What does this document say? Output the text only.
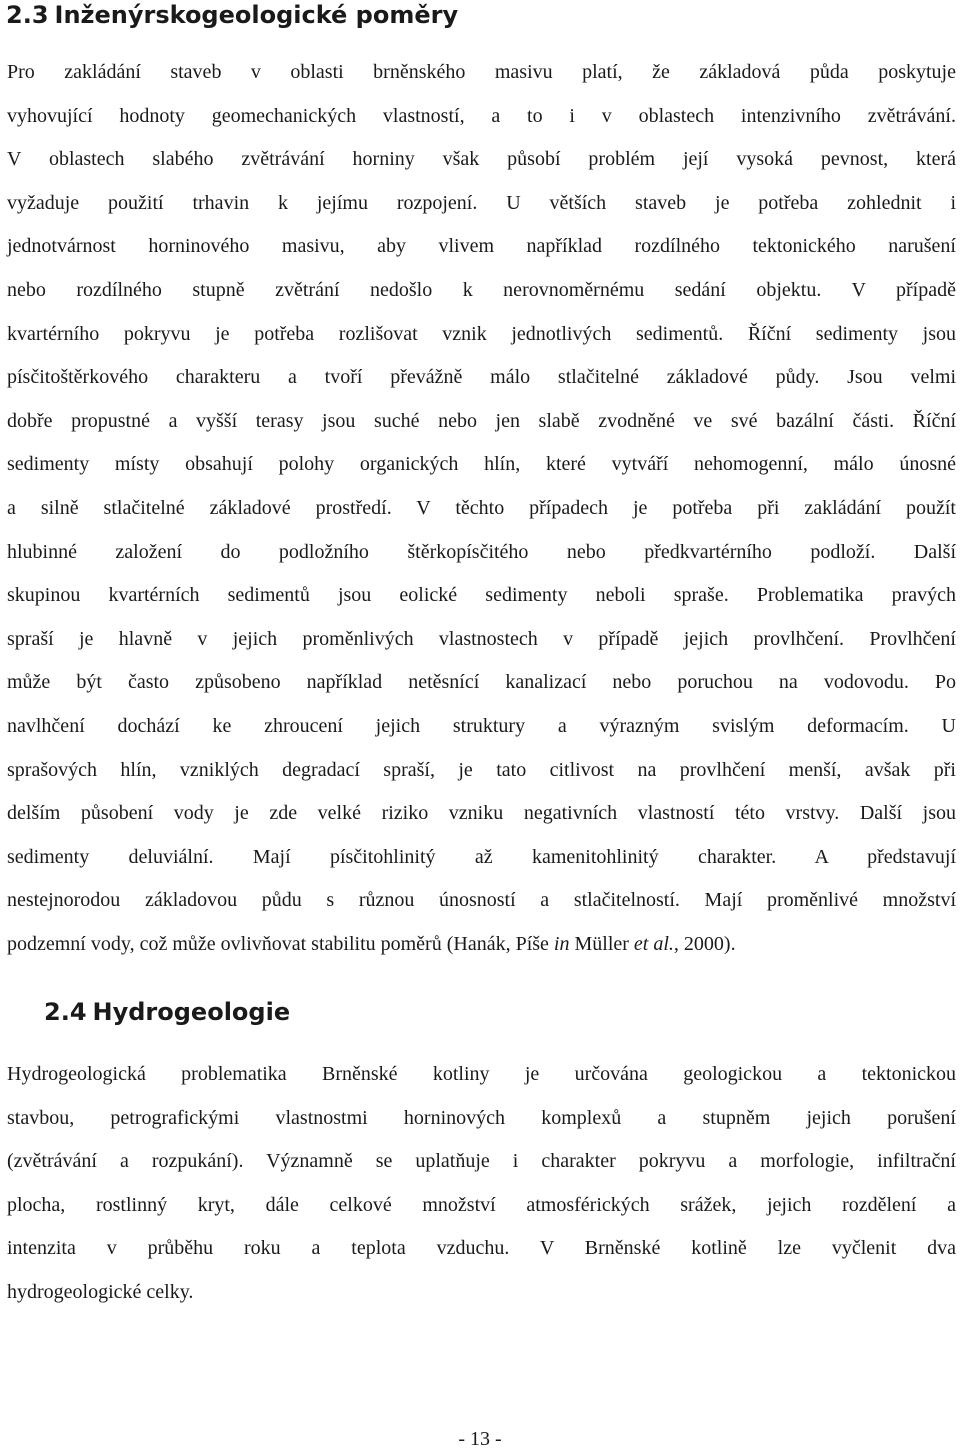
2.3 Inženýrskogeologické poměry
Pro zakládání staveb v oblasti brněnského masivu platí, že základová půda poskytuje
vyhovující hodnoty geomechanických vlastností, a to i v oblastech intenzivního zvětrávání.
V oblastech slabého zvětrávání horniny však působí problém její vysoká pevnost, která
vyžaduje použití trhavin k jejímu rozpojení. U větších staveb je potřeba zohlednit i
jednotvárnost horninového masivu, aby vlivem například rozdílného tektonického narušení
nebo rozdílného stupně zvětrání nedošlo k nerovnoměrnému sedání objektu. V případě
kvartérního pokryvu je potřeba rozlišovat vznik jednotlivých sedimentů. Říční sedimenty jsou
písčitoštěrkového charakteru a tvoří převážně málo stlačitelné základové půdy. Jsou velmi
dobře propustné a vyšší terasy jsou suché nebo jen slabě zvodněné ve své bazální části. Říční
sedimenty místy obsahují polohy organických hlín, které vytváří nehomogenní, málo únosné
a silně stlačitelné základové prostředí. V těchto případech je potřeba při zakládání použít
hlubinné založení do podložního štěrkopísčitého nebo předkvartérního podloží. Další
skupinou kvartérních sedimentů jsou eolické sedimenty neboli spraše. Problematika pravých
spraší je hlavně v jejich proměnlivých vlastnostech v případě jejich provlhčení. Provlhčení
může být často způsobeno například netěsnící kanalizací nebo poruchou na vodovodu. Po
navlhčení dochází ke zhroucení jejich struktury a výrazným svislým deformacím. U
sprašových hlín, vzniklých degradací spraší, je tato citlivost na provlhčení menší, avšak při
delším působení vody je zde velké riziko vzniku negativních vlastností této vrstvy. Další jsou
sedimenty deluviální. Mají písčitohlinitý až kamenitohlinitý charakter. A představují
nestejnorodou základovou půdu s různou únosností a stlačitelností. Mají proměnlivé množství
podzemní vody, což může ovlivňovat stabilitu poměrů (Hanák, Píše in Müller et al., 2000).
2.4 Hydrogeologie
Hydrogeologická problematika Brněnské kotliny je určována geologickou a tektonickou
stavbou, petrografickými vlastnostmi horninových komplexů a stupněm jejich porušení
(zvětrávání a rozpukání). Významně se uplatňuje i charakter pokryvu a morfologie, infiltrační
plocha, rostlinný kryt, dále celkové množství atmosférických srážek, jejich rozdělení a
intenzita v průběhu roku a teplota vzduchu. V Brněnské kotlině lze vyčlenit dva
hydrogeologické celky.
- 13 -
